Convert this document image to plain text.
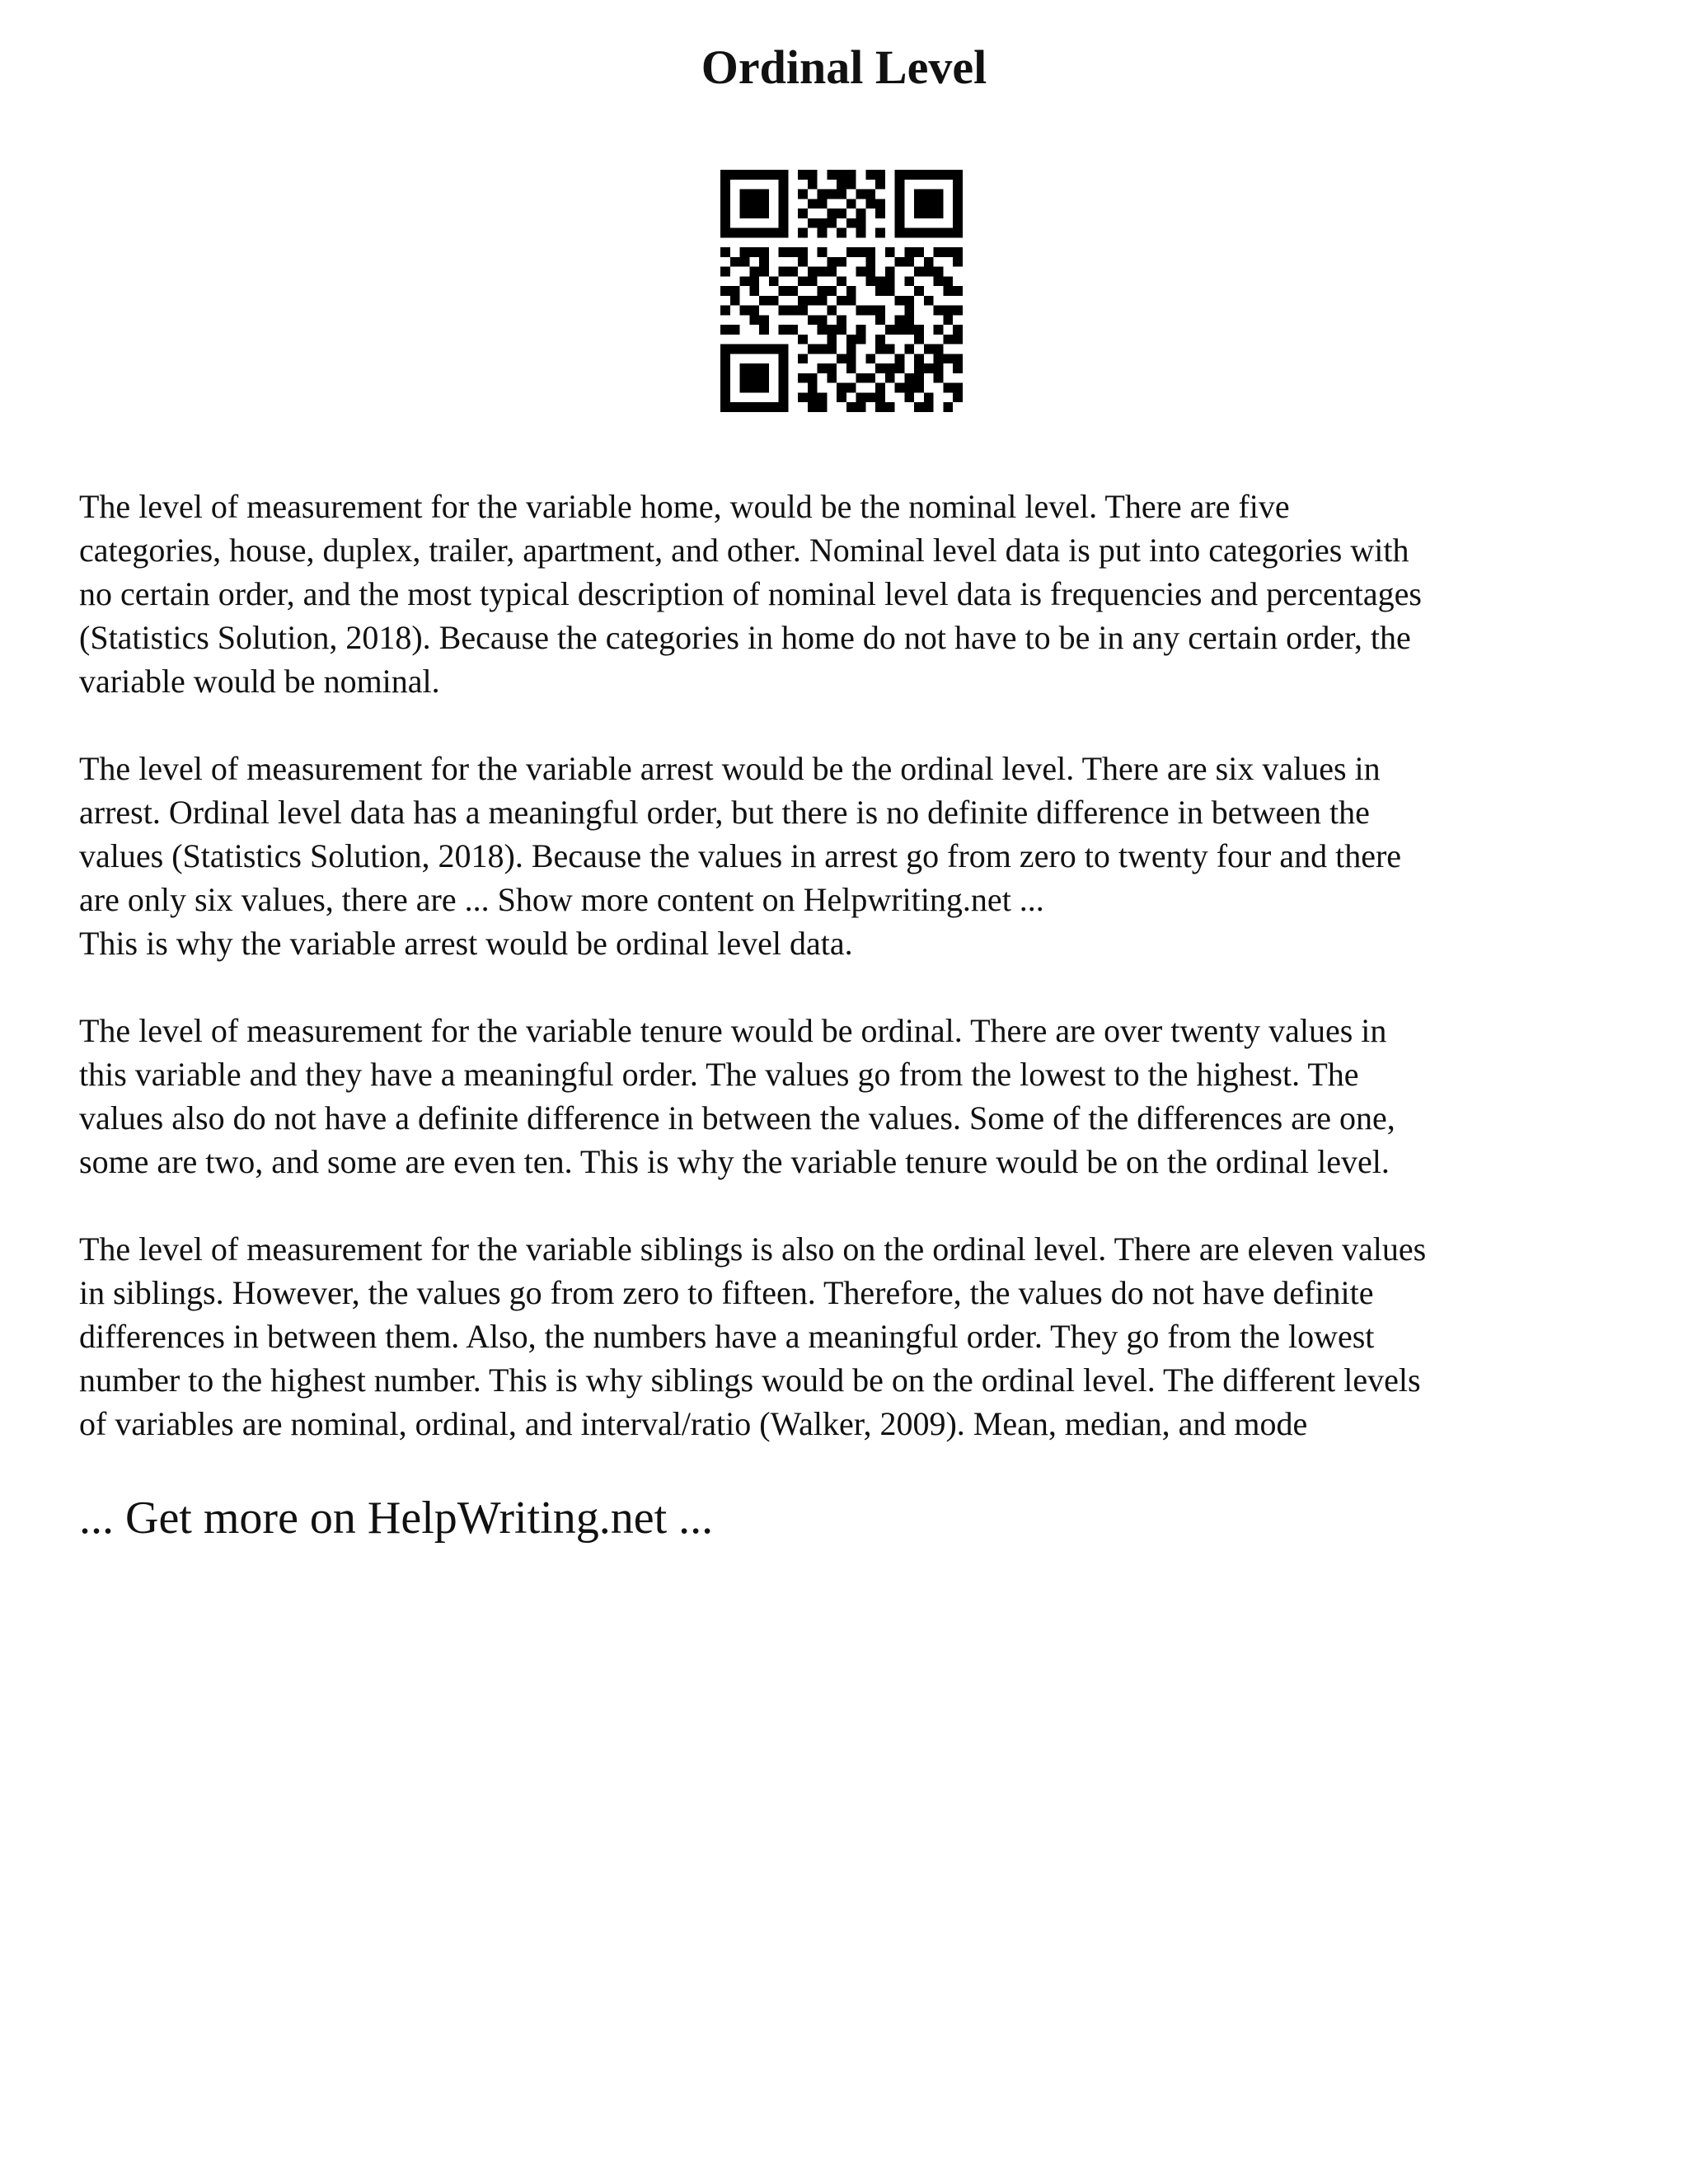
Ordinal Level

The level of measurement for the variable home, would be the nominal level. There are five
categories, house, duplex, trailer, apartment, and other. Nominal level data is put into categories with
no certain order, and the most typical description of nominal level data is frequencies and percentages
(Statistics Solution, 2018). Because the categories in home do not have to be in any certain order, the
variable would be nominal.

The level of measurement for the variable arrest would be the ordinal level. There are six values in
arrest. Ordinal level data has a meaningful order, but there is no definite difference in between the
values (Statistics Solution, 2018). Because the values in arrest go from zero to twenty four and there
are only six values, there are ... Show more content on Helpwriting.net ...
This is why the variable arrest would be ordinal level data.

The level of measurement for the variable tenure would be ordinal. There are over twenty values in
this variable and they have a meaningful order. The values go from the lowest to the highest. The
values also do not have a definite difference in between the values. Some of the differences are one,
some are two, and some are even ten. This is why the variable tenure would be on the ordinal level.

The level of measurement for the variable siblings is also on the ordinal level. There are eleven values
in siblings. However, the values go from zero to fifteen. Therefore, the values do not have definite
differences in between them. Also, the numbers have a meaningful order. They go from the lowest
number to the highest number. This is why siblings would be on the ordinal level. The different levels
of variables are nominal, ordinal, and interval/ratio (Walker, 2009). Mean, median, and mode

... Get more on HelpWriting.net ...
